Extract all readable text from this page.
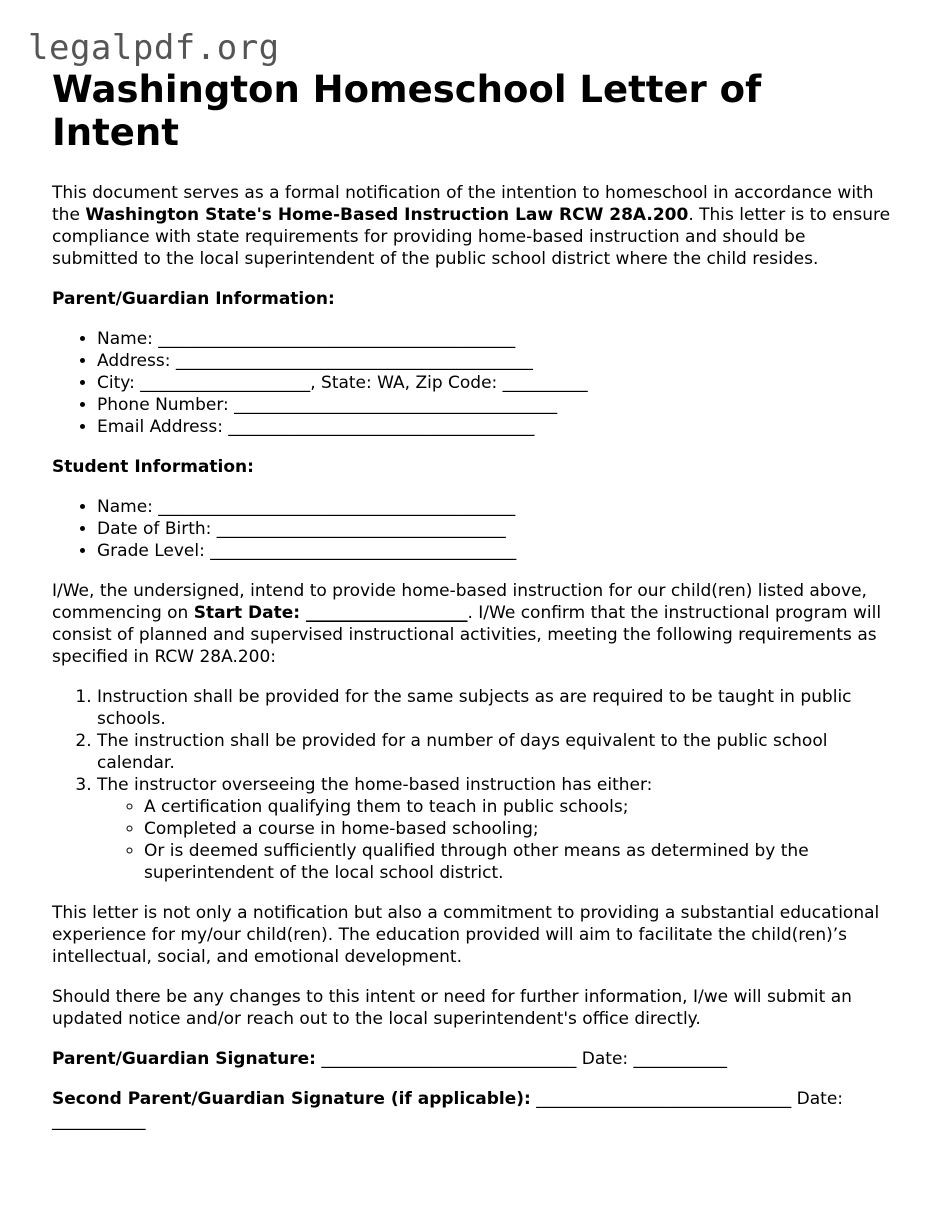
legalpdf.org
Washington Homeschool Letter of Intent

This document serves as a formal notification of the intention to homeschool in accordance with the Washington State's Home-Based Instruction Law RCW 28A.200. This letter is to ensure compliance with state requirements for providing home-based instruction and should be submitted to the local superintendent of the public school district where the child resides.

Parent/Guardian Information:

• Name: __________________________________________
• Address: __________________________________________
• City: ____________________, State: WA, Zip Code: __________
• Phone Number: ______________________________________
• Email Address: ____________________________________

Student Information:

• Name: __________________________________________
• Date of Birth: __________________________________
• Grade Level: ____________________________________

I/We, the undersigned, intend to provide home-based instruction for our child(ren) listed above, commencing on Start Date: ___________________. I/We confirm that the instructional program will consist of planned and supervised instructional activities, meeting the following requirements as specified in RCW 28A.200:

1. Instruction shall be provided for the same subjects as are required to be taught in public schools.
2. The instruction shall be provided for a number of days equivalent to the public school calendar.
3. The instructor overseeing the home-based instruction has either:
◦ A certification qualifying them to teach in public schools;
◦ Completed a course in home-based schooling;
◦ Or is deemed sufficiently qualified through other means as determined by the superintendent of the local school district.

This letter is not only a notification but also a commitment to providing a substantial educational experience for my/our child(ren). The education provided will aim to facilitate the child(ren)’s intellectual, social, and emotional development.

Should there be any changes to this intent or need for further information, I/we will submit an updated notice and/or reach out to the local superintendent's office directly.

Parent/Guardian Signature: ______________________________ Date: ___________

Second Parent/Guardian Signature (if applicable): ______________________________ Date: ___________
